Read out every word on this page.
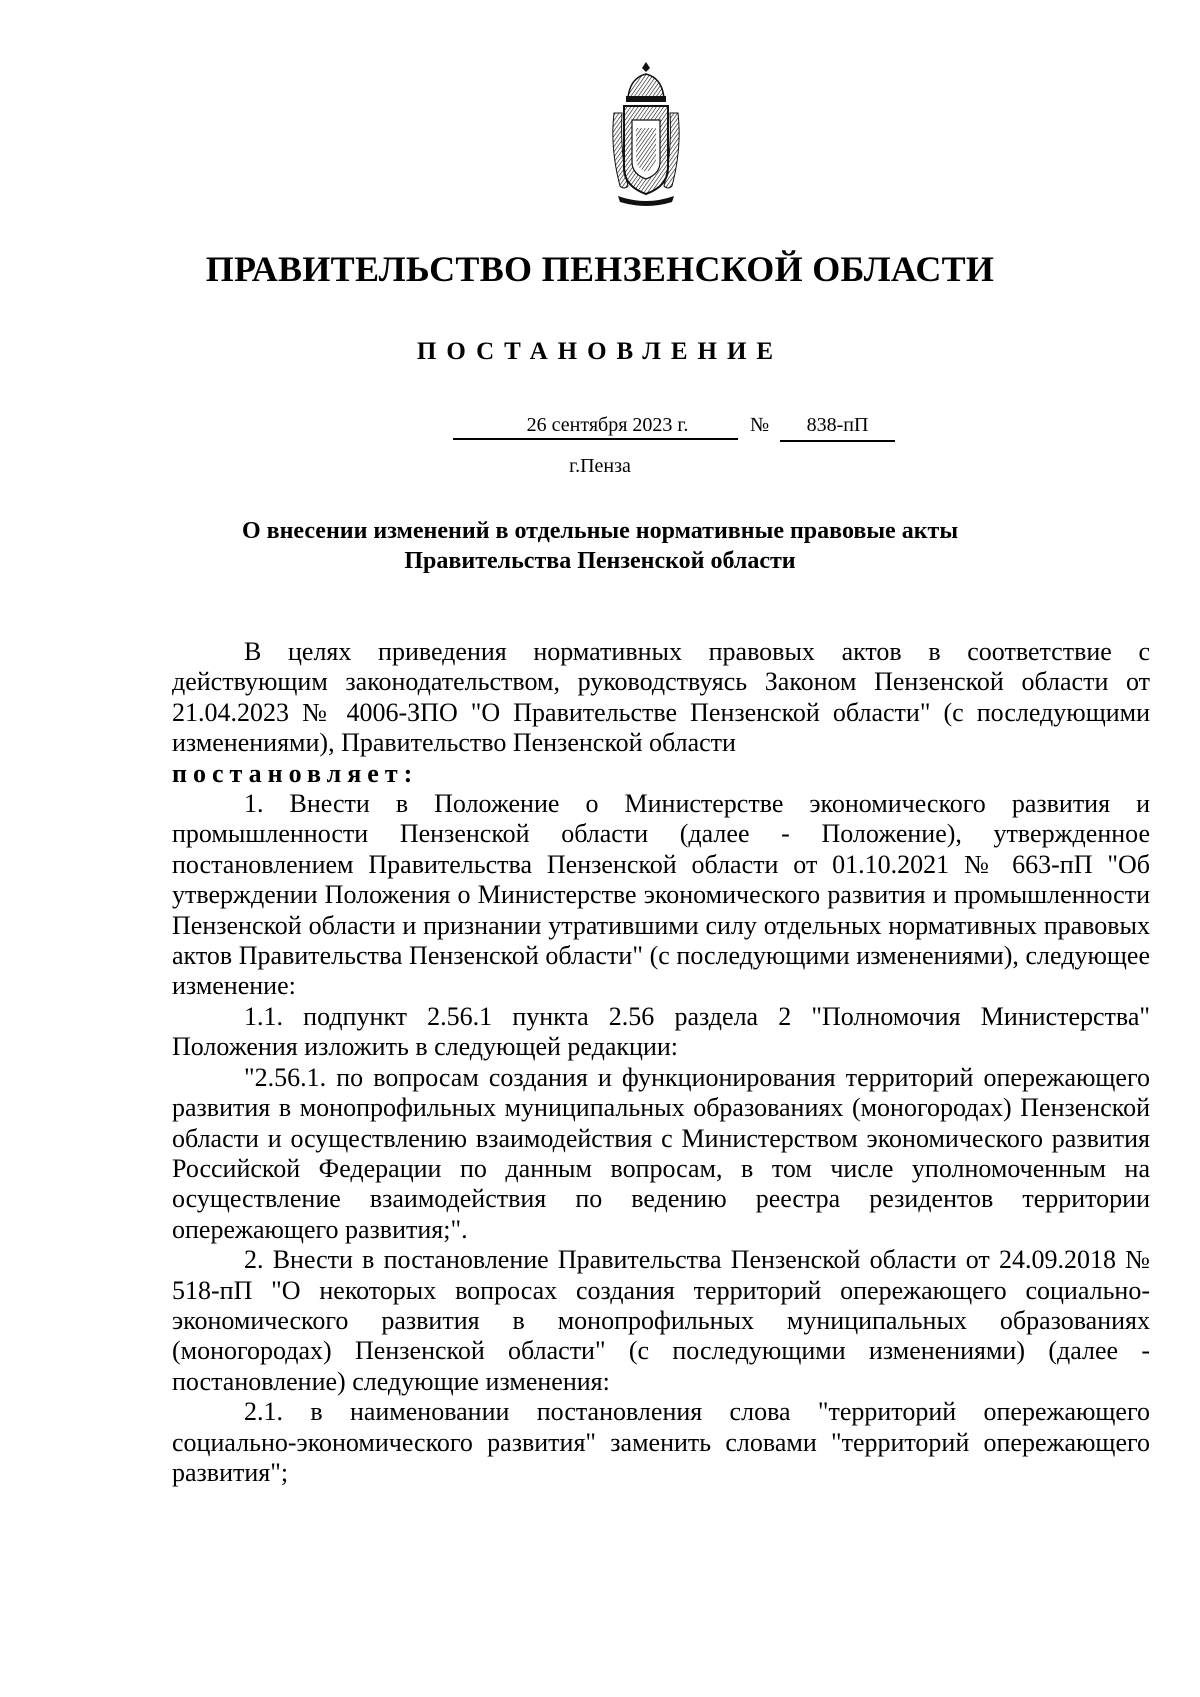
ПРАВИТЕЛЬСТВО ПЕНЗЕНСКОЙ ОБЛАСТИ
ПОСТАНОВЛЕНИЕ
26 сентября 2023 г.	№	838-пП
г.Пенза
О внесении изменений в отдельные нормативные правовые акты
Правительства Пензенской области

В целях приведения нормативных правовых актов в соответствие с действующим законодательством, руководствуясь Законом Пензенской области от 21.04.2023 № 4006-ЗПО "О Правительстве Пензенской области" (с последующими изменениями), Правительство Пензенской области

постановляет:

1. Внести в Положение о Министерстве экономического развития и промышленности Пензенской области (далее - Положение), утвержденное постановлением Правительства Пензенской области от 01.10.2021 № 663-пП "Об утверждении Положения о Министерстве экономического развития и промышленности Пензенской области и признании утратившими силу отдельных нормативных правовых актов Правительства Пензенской области" (с последующими изменениями), следующее изменение:

1.1. подпункт 2.56.1 пункта 2.56 раздела 2 "Полномочия Министерства" Положения изложить в следующей редакции:

"2.56.1. по вопросам создания и функционирования территорий опережающего развития в монопрофильных муниципальных образованиях (моногородах) Пензенской области и осуществлению взаимодействия с Министерством экономического развития Российской Федерации по данным вопросам, в том числе уполномоченным на осуществление взаимодействия по ведению реестра резидентов территории опережающего развития;".

2. Внести в постановление Правительства Пензенской области от 24.09.2018 № 518-пП "О некоторых вопросах создания территорий опережающего социально-экономического развития в монопрофильных муниципальных образованиях (моногородах) Пензенской области" (с последующими изменениями) (далее - постановление) следующие изменения:

2.1. в наименовании постановления слова "территорий опережающего социально-экономического развития" заменить словами "территорий опережающего развития";
